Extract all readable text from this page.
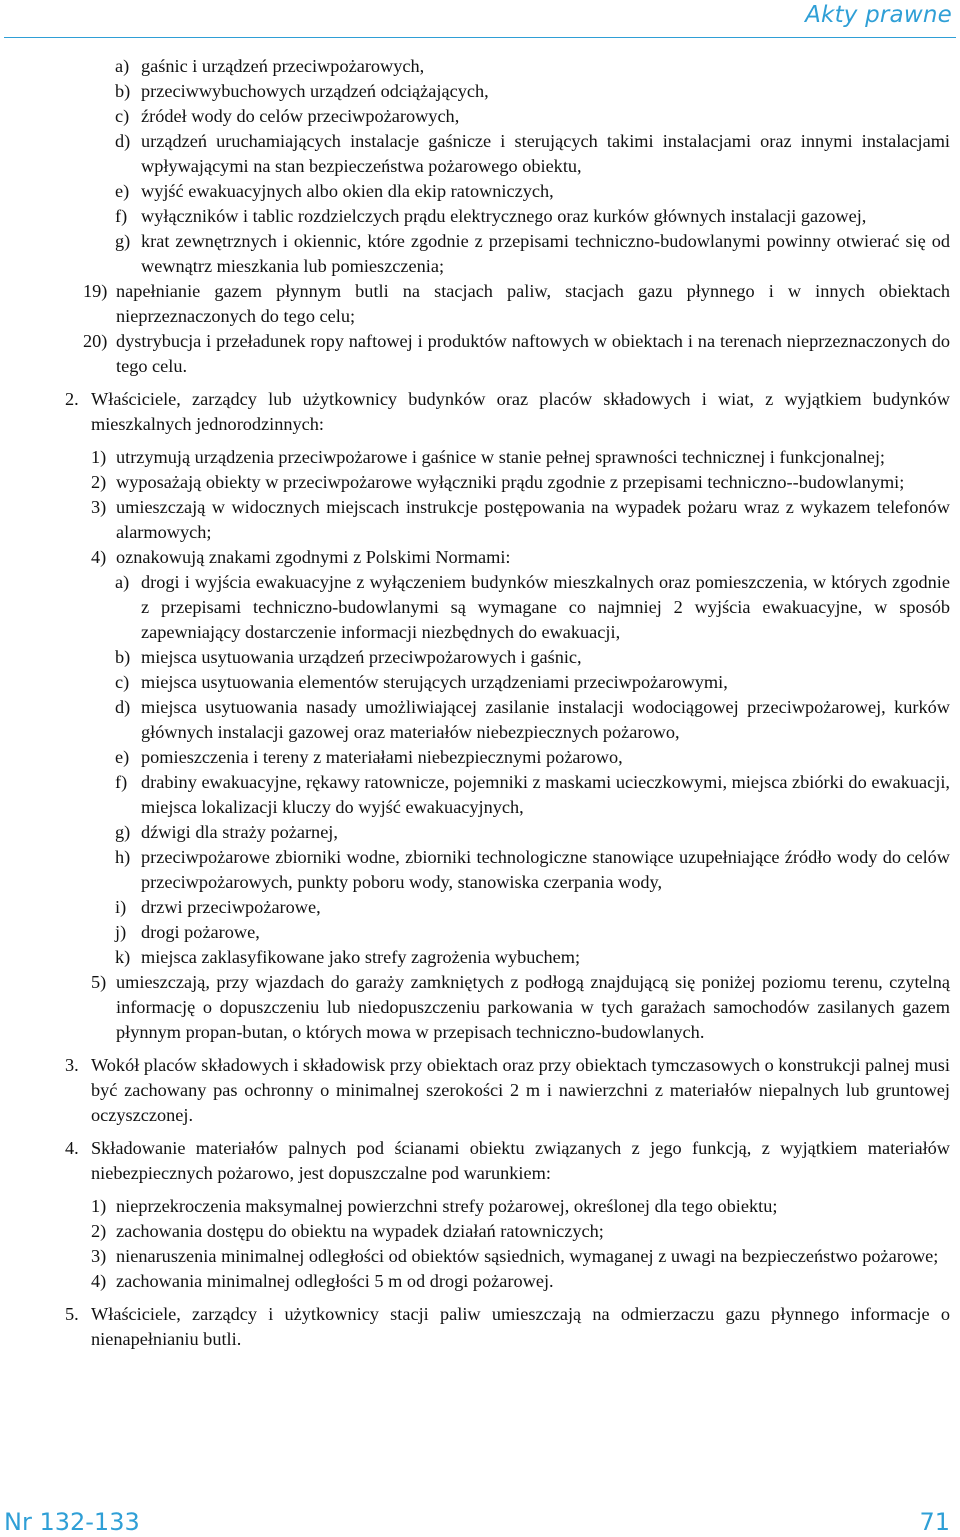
Akty prawne
a) gaśnic i urządzeń przeciwpożarowych,
b) przeciwwybuchowych urządzeń odciążających,
c) źródeł wody do celów przeciwpożarowych,
d) urządzeń uruchamiających instalacje gaśnicze i sterujących takimi instalacjami oraz innymi instalacjami wpływającymi na stan bezpieczeństwa pożarowego obiektu,
e) wyjść ewakuacyjnych albo okien dla ekip ratowniczych,
f) wyłączników i tablic rozdzielczych prądu elektrycznego oraz kurków głównych instalacji gazowej,
g) krat zewnętrznych i okiennic, które zgodnie z przepisami techniczno-budowlanymi powinny otwierać się od wewnątrz mieszkania lub pomieszczenia;
19) napełnianie gazem płynnym butli na stacjach paliw, stacjach gazu płynnego i w innych obiektach nieprzeznaczonych do tego celu;
20) dystrybucja i przeładunek ropy naftowej i produktów naftowych w obiektach i na terenach nieprzeznaczonych do tego celu.
2. Właściciele, zarządcy lub użytkownicy budynków oraz placów składowych i wiat, z wyjątkiem budynków mieszkalnych jednorodzinnych:
1) utrzymują urządzenia przeciwpożarowe i gaśnice w stanie pełnej sprawności technicznej i funkcjonalnej;
2) wyposażają obiekty w przeciwpożarowe wyłączniki prądu zgodnie z przepisami techniczno--budowlanymi;
3) umieszczają w widocznych miejscach instrukcje postępowania na wypadek pożaru wraz z wykazem telefonów alarmowych;
4) oznakowują znakami zgodnymi z Polskimi Normami:
a) drogi i wyjścia ewakuacyjne z wyłączeniem budynków mieszkalnych oraz pomieszczenia, w których zgodnie z przepisami techniczno-budowlanymi są wymagane co najmniej 2 wyjścia ewakuacyjne, w sposób zapewniający dostarczenie informacji niezbędnych do ewakuacji,
b) miejsca usytuowania urządzeń przeciwpożarowych i gaśnic,
c) miejsca usytuowania elementów sterujących urządzeniami przeciwpożarowymi,
d) miejsca usytuowania nasady umożliwiającej zasilanie instalacji wodociągowej przeciwpożarowej, kurków głównych instalacji gazowej oraz materiałów niebezpiecznych pożarowo,
e) pomieszczenia i tereny z materiałami niebezpiecznymi pożarowo,
f) drabiny ewakuacyjne, rękawy ratownicze, pojemniki z maskami ucieczkowymi, miejsca zbiórki do ewakuacji, miejsca lokalizacji kluczy do wyjść ewakuacyjnych,
g) dźwigi dla straży pożarnej,
h) przeciwpożarowe zbiorniki wodne, zbiorniki technologiczne stanowiące uzupełniające źródło wody do celów przeciwpożarowych, punkty poboru wody, stanowiska czerpania wody,
i) drzwi przeciwpożarowe,
j) drogi pożarowe,
k) miejsca zaklasyfikowane jako strefy zagrożenia wybuchem;
5) umieszczają, przy wjazdach do garaży zamkniętych z podłogą znajdującą się poniżej poziomu terenu, czytelną informację o dopuszczeniu lub niedopuszczeniu parkowania w tych garażach samochodów zasilanych gazem płynnym propan-butan, o których mowa w przepisach techniczno-budowlanych.
3. Wokół placów składowych i składowisk przy obiektach oraz przy obiektach tymczasowych o konstrukcji palnej musi być zachowany pas ochronny o minimalnej szerokości 2 m i nawierzchni z materiałów niepalnych lub gruntowej oczyszczonej.
4. Składowanie materiałów palnych pod ścianami obiektu związanych z jego funkcją, z wyjątkiem materiałów niebezpiecznych pożarowo, jest dopuszczalne pod warunkiem:
1) nieprzekroczenia maksymalnej powierzchni strefy pożarowej, określonej dla tego obiektu;
2) zachowania dostępu do obiektu na wypadek działań ratowniczych;
3) nienaruszenia minimalnej odległości od obiektów sąsiednich, wymaganej z uwagi na bezpieczeństwo pożarowe;
4) zachowania minimalnej odległości 5 m od drogi pożarowej.
5. Właściciele, zarządcy i użytkownicy stacji paliw umieszczają na odmierzaczu gazu płynnego informacje o nienapełnianiu butli.
Nr 132-133	71
